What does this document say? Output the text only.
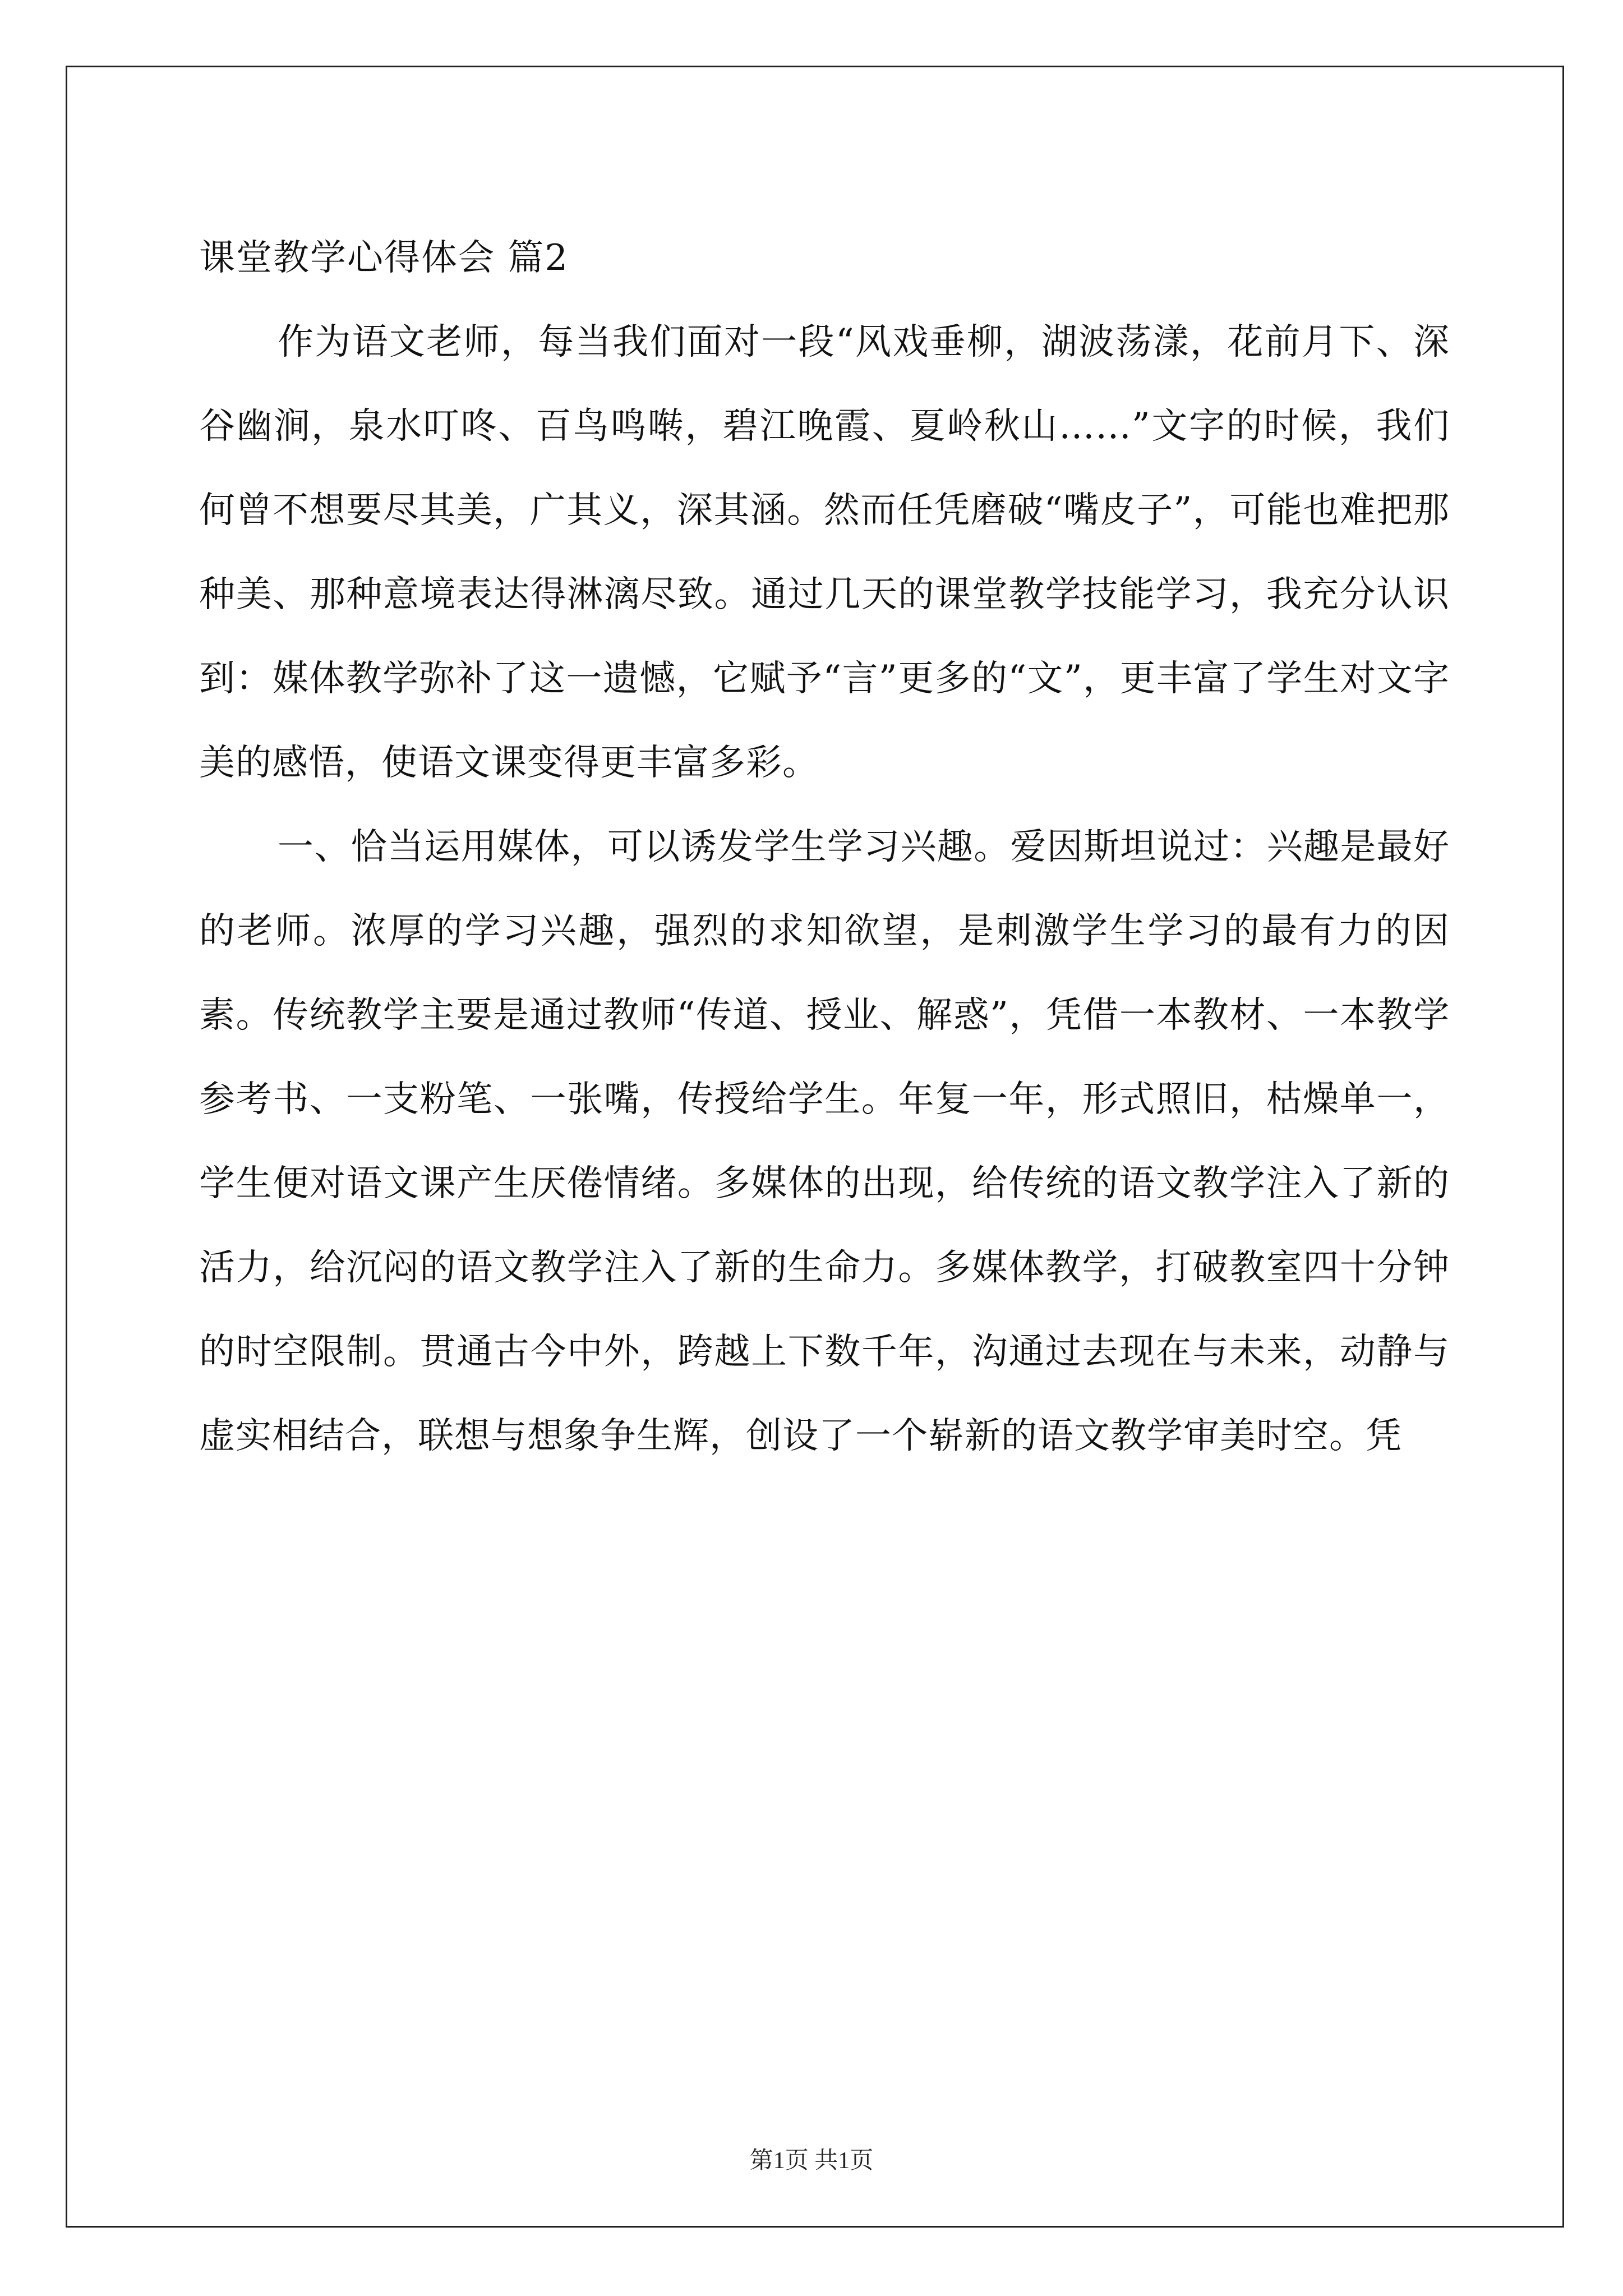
课堂教学心得体会 篇2

作为语文老师，每当我们面对一段“风戏垂柳，湖波荡漾，花前月下、深谷幽涧，泉水叮咚、百鸟鸣啭，碧江晚霞、夏岭秋山……”文字的时候，我们何曾不想要尽其美，广其义，深其涵。然而任凭磨破“嘴皮子”，可能也难把那种美、那种意境表达得淋漓尽致。通过几天的课堂教学技能学习，我充分认识到：媒体教学弥补了这一遗憾，它赋予“言”更多的“文”，更丰富了学生对文字美的感悟，使语文课变得更丰富多彩。

一、恰当运用媒体，可以诱发学生学习兴趣。爱因斯坦说过：兴趣是最好的老师。浓厚的学习兴趣，强烈的求知欲望，是刺激学生学习的最有力的因素。传统教学主要是通过教师“传道、授业、解惑”，凭借一本教材、一本教学参考书、一支粉笔、一张嘴，传授给学生。年复一年，形式照旧，枯燥单一，学生便对语文课产生厌倦情绪。多媒体的出现，给传统的语文教学注入了新的活力，给沉闷的语文教学注入了新的生命力。多媒体教学，打破教室四十分钟的时空限制。贯通古今中外，跨越上下数千年，沟通过去现在与未来，动静与虚实相结合，联想与想象争生辉，创设了一个崭新的语文教学审美时空。凭

第1页 共1页
